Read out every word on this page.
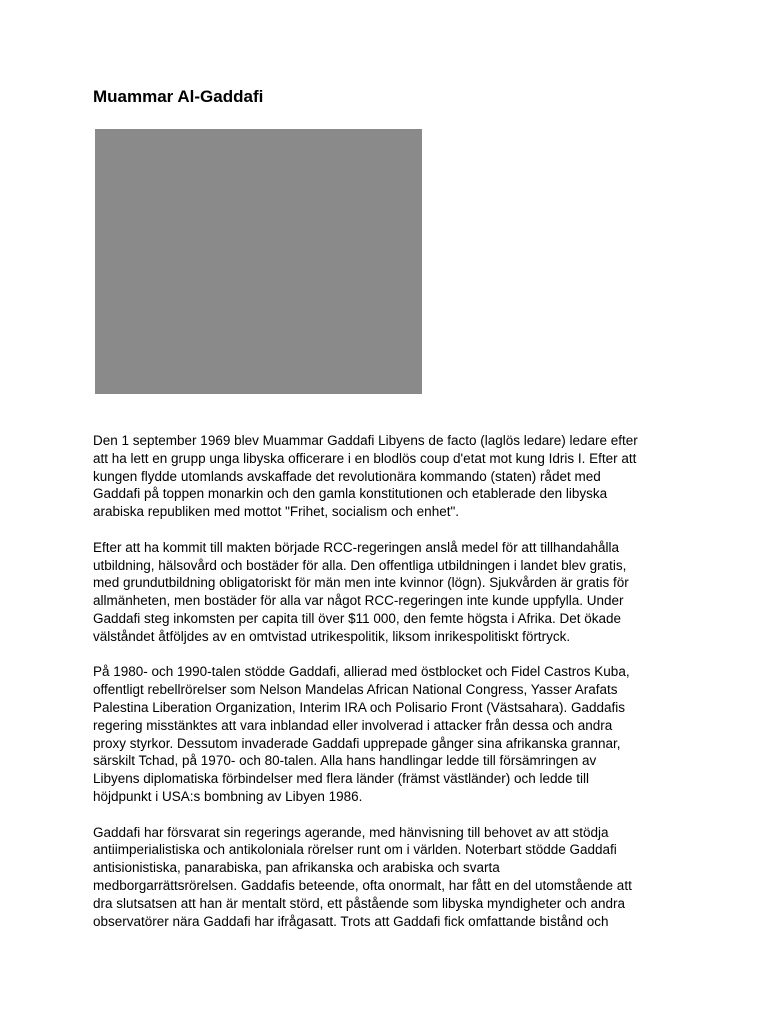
Muammar Al-Gaddafi

Den 1 september 1969 blev Muammar Gaddafi Libyens de facto (laglös ledare) ledare efter
att ha lett en grupp unga libyska officerare i en blodlös coup d'etat mot kung Idris I. Efter att
kungen flydde utomlands avskaffade det revolutionära kommando (staten) rådet med
Gaddafi på toppen monarkin och den gamla konstitutionen och etablerade den libyska
arabiska republiken med mottot "Frihet, socialism och enhet".

Efter att ha kommit till makten började RCC-regeringen anslå medel för att tillhandahålla
utbildning, hälsovård och bostäder för alla. Den offentliga utbildningen i landet blev gratis,
med grundutbildning obligatoriskt för män men inte kvinnor (lögn). Sjukvården är gratis för
allmänheten, men bostäder för alla var något RCC-regeringen inte kunde uppfylla. Under
Gaddafi steg inkomsten per capita till över $11 000, den femte högsta i Afrika. Det ökade
välståndet åtföljdes av en omtvistad utrikespolitik, liksom inrikespolitiskt förtryck.

På 1980- och 1990-talen stödde Gaddafi, allierad med östblocket och Fidel Castros Kuba,
offentligt rebellrörelser som Nelson Mandelas African National Congress, Yasser Arafats
Palestina Liberation Organization, Interim IRA och Polisario Front (Västsahara). Gaddafis
regering misstänktes att vara inblandad eller involverad i attacker från dessa och andra
proxy styrkor. Dessutom invaderade Gaddafi upprepade gånger sina afrikanska grannar,
särskilt Tchad, på 1970- och 80-talen. Alla hans handlingar ledde till försämringen av
Libyens diplomatiska förbindelser med flera länder (främst västländer) och ledde till
höjdpunkt i USA:s bombning av Libyen 1986.

Gaddafi har försvarat sin regerings agerande, med hänvisning till behovet av att stödja
antiimperialistiska och antikoloniala rörelser runt om i världen. Noterbart stödde Gaddafi
antisionistiska, panarabiska, pan afrikanska och arabiska och svarta
medborgarrättsrörelsen. Gaddafis beteende, ofta onormalt, har fått en del utomstående att
dra slutsatsen att han är mentalt störd, ett påstående som libyska myndigheter och andra
observatörer nära Gaddafi har ifrågasatt. Trots att Gaddafi fick omfattande bistånd och
